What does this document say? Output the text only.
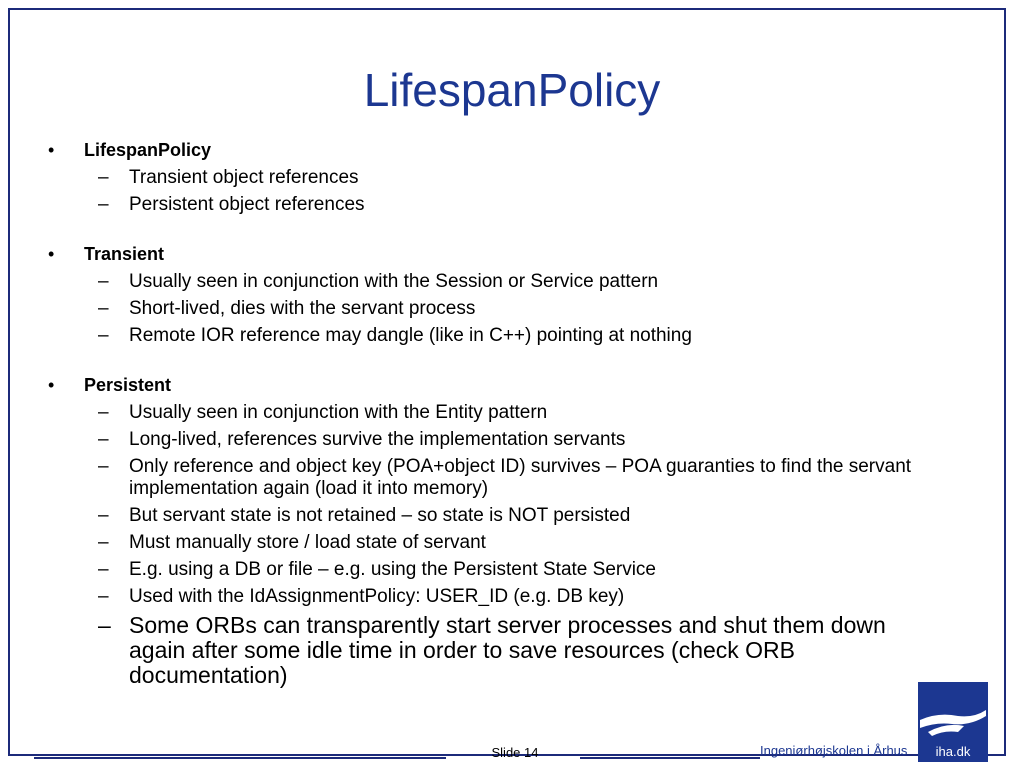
LifespanPolicy
•	LifespanPolicy
–	Transient object references
–	Persistent object references
•	Transient
–	Usually seen in conjunction with the Session or Service pattern
–	Short-lived, dies with the servant process
–	Remote IOR reference may dangle (like in C++) pointing at nothing
•	Persistent
–	Usually seen in conjunction with the Entity pattern
–	Long-lived, references survive the implementation servants
–	Only reference and object key (POA+object ID) survives – POA guaranties to find the servant implementation again (load it into memory)
–	But servant state is not retained – so state is NOT persisted
–	Must manually store / load state of servant
–	E.g. using a DB or file – e.g. using the Persistent State Service
–	Used with the IdAssignmentPolicy: USER_ID (e.g. DB key)
– Some ORBs can transparently start server processes and shut them down again after some idle time in order to save resources (check ORB documentation)
Slide 14	Ingeniørhøjskolen i Århus iha.dk
